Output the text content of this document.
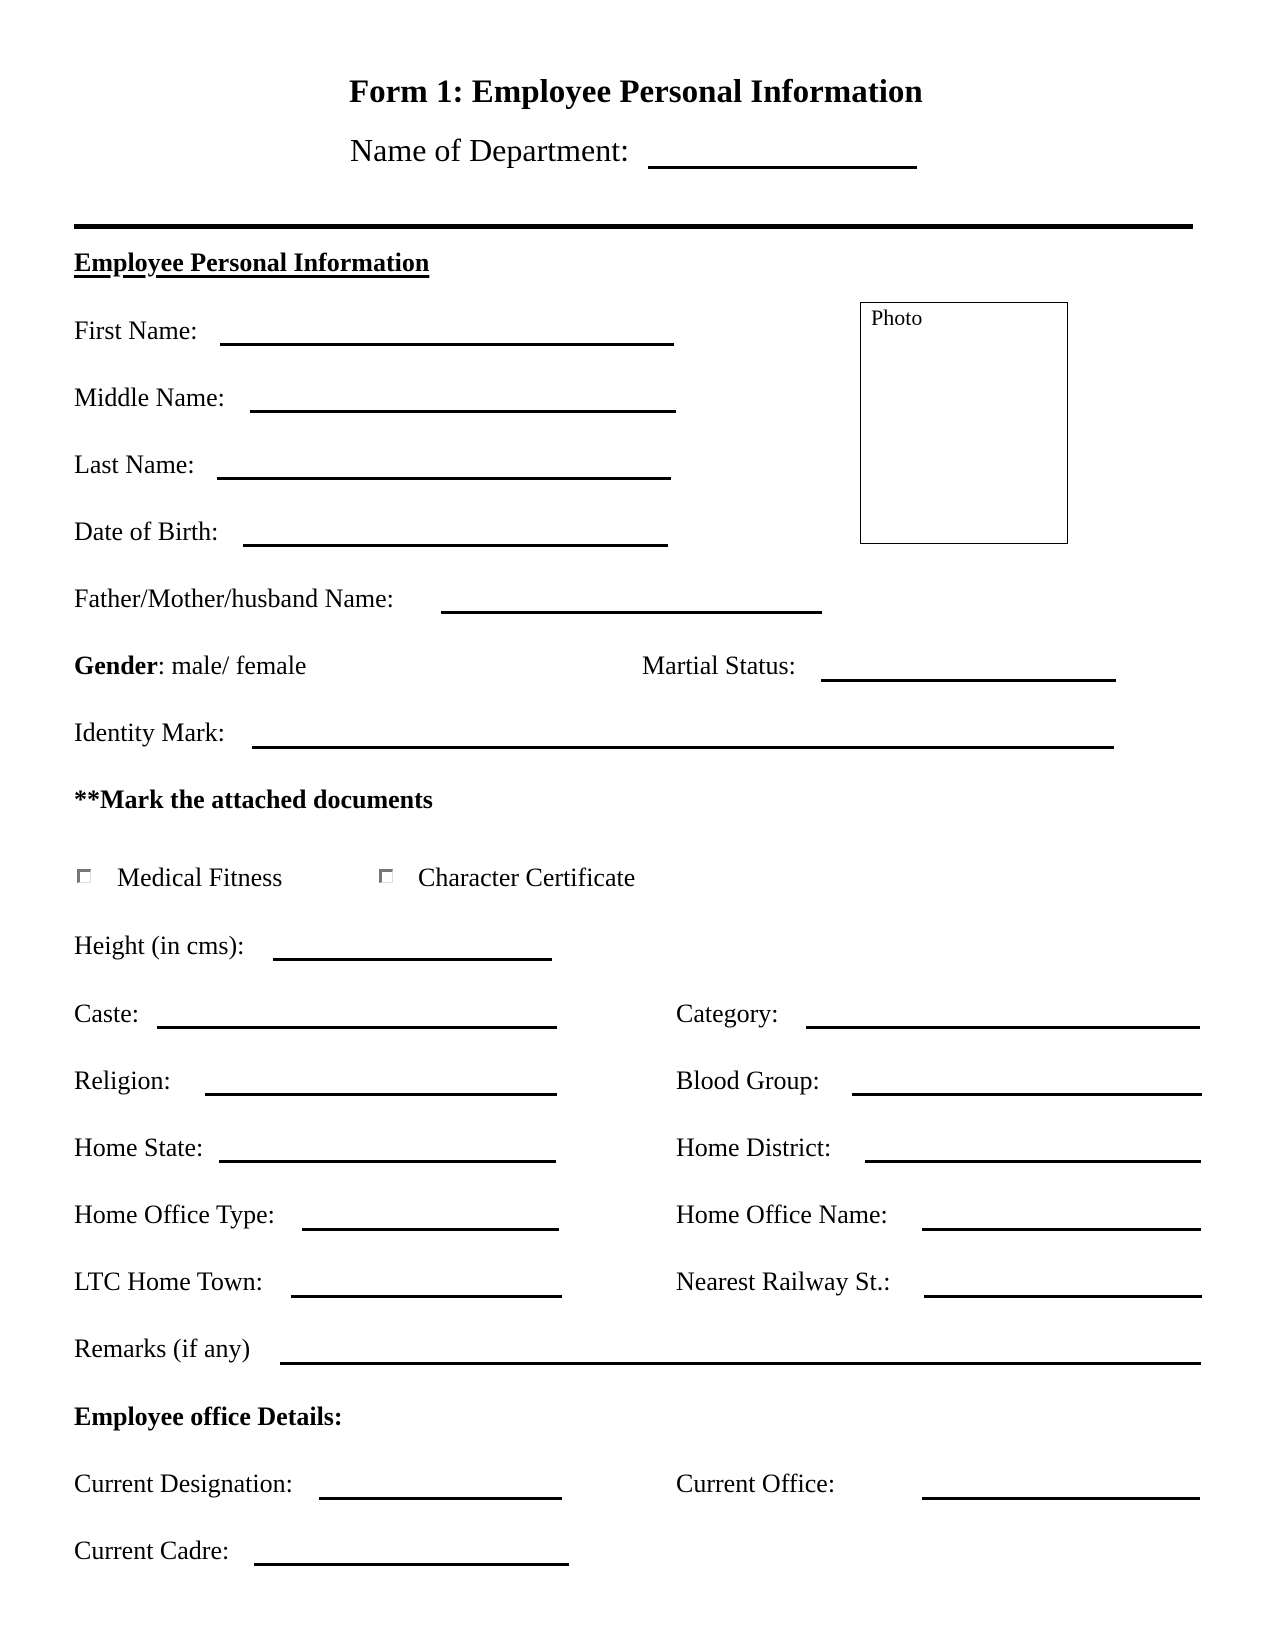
Form 1: Employee Personal Information
Name of Department:
Employee Personal Information
Photo
First Name:
Middle Name:
Last Name:
Date of Birth:
Father/Mother/husband Name:
Gender: male/ female	Martial Status:
Identity Mark:
**Mark the attached documents
Medical Fitness	Character Certificate
Height (in cms):
Caste:	Category:
Religion:	Blood Group:
Home State:	Home District:
Home Office Type:	Home Office Name:
LTC Home Town:	Nearest Railway St.:
Remarks (if any)
Employee office Details:
Current Designation:	Current Office:
Current Cadre:
